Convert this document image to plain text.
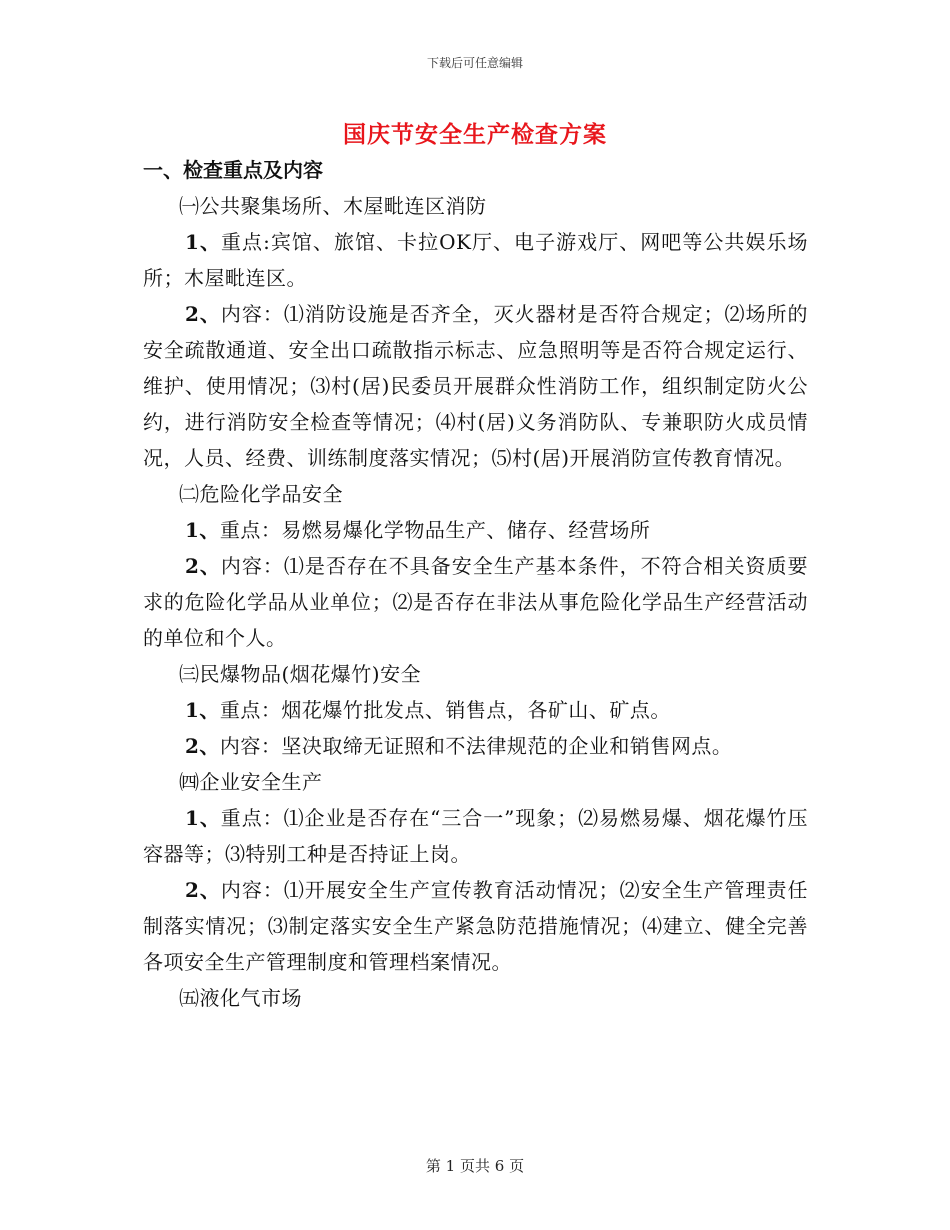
下载后可任意编辑
国庆节安全生产检查方案

一、检查重点及内容

㈠公共聚集场所、木屋毗连区消防

1、重点:宾馆、旅馆、卡拉OK厅、电子游戏厅、网吧等公共娱乐场所；木屋毗连区。

2、内容：⑴消防设施是否齐全，灭火器材是否符合规定；⑵场所的安全疏散通道、安全出口疏散指示标志、应急照明等是否符合规定运行、维护、使用情况；⑶村(居)民委员开展群众性消防工作，组织制定防火公约，进行消防安全检查等情况；⑷村(居)义务消防队、专兼职防火成员情况，人员、经费、训练制度落实情况；⑸村(居)开展消防宣传教育情况。

㈡危险化学品安全

1、重点：易燃易爆化学物品生产、储存、经营场所

2、内容：⑴是否存在不具备安全生产基本条件，不符合相关资质要求的危险化学品从业单位；⑵是否存在非法从事危险化学品生产经营活动的单位和个人。

㈢民爆物品(烟花爆竹)安全

1、重点：烟花爆竹批发点、销售点，各矿山、矿点。

2、内容：坚决取缔无证照和不法律规范的企业和销售网点。

㈣企业安全生产

1、重点：⑴企业是否存在“三合一”现象；⑵易燃易爆、烟花爆竹压容器等；⑶特别工种是否持证上岗。

2、内容：⑴开展安全生产宣传教育活动情况；⑵安全生产管理责任制落实情况；⑶制定落实安全生产紧急防范措施情况；⑷建立、健全完善各项安全生产管理制度和管理档案情况。

㈤液化气市场

第 1 页共 6 页
